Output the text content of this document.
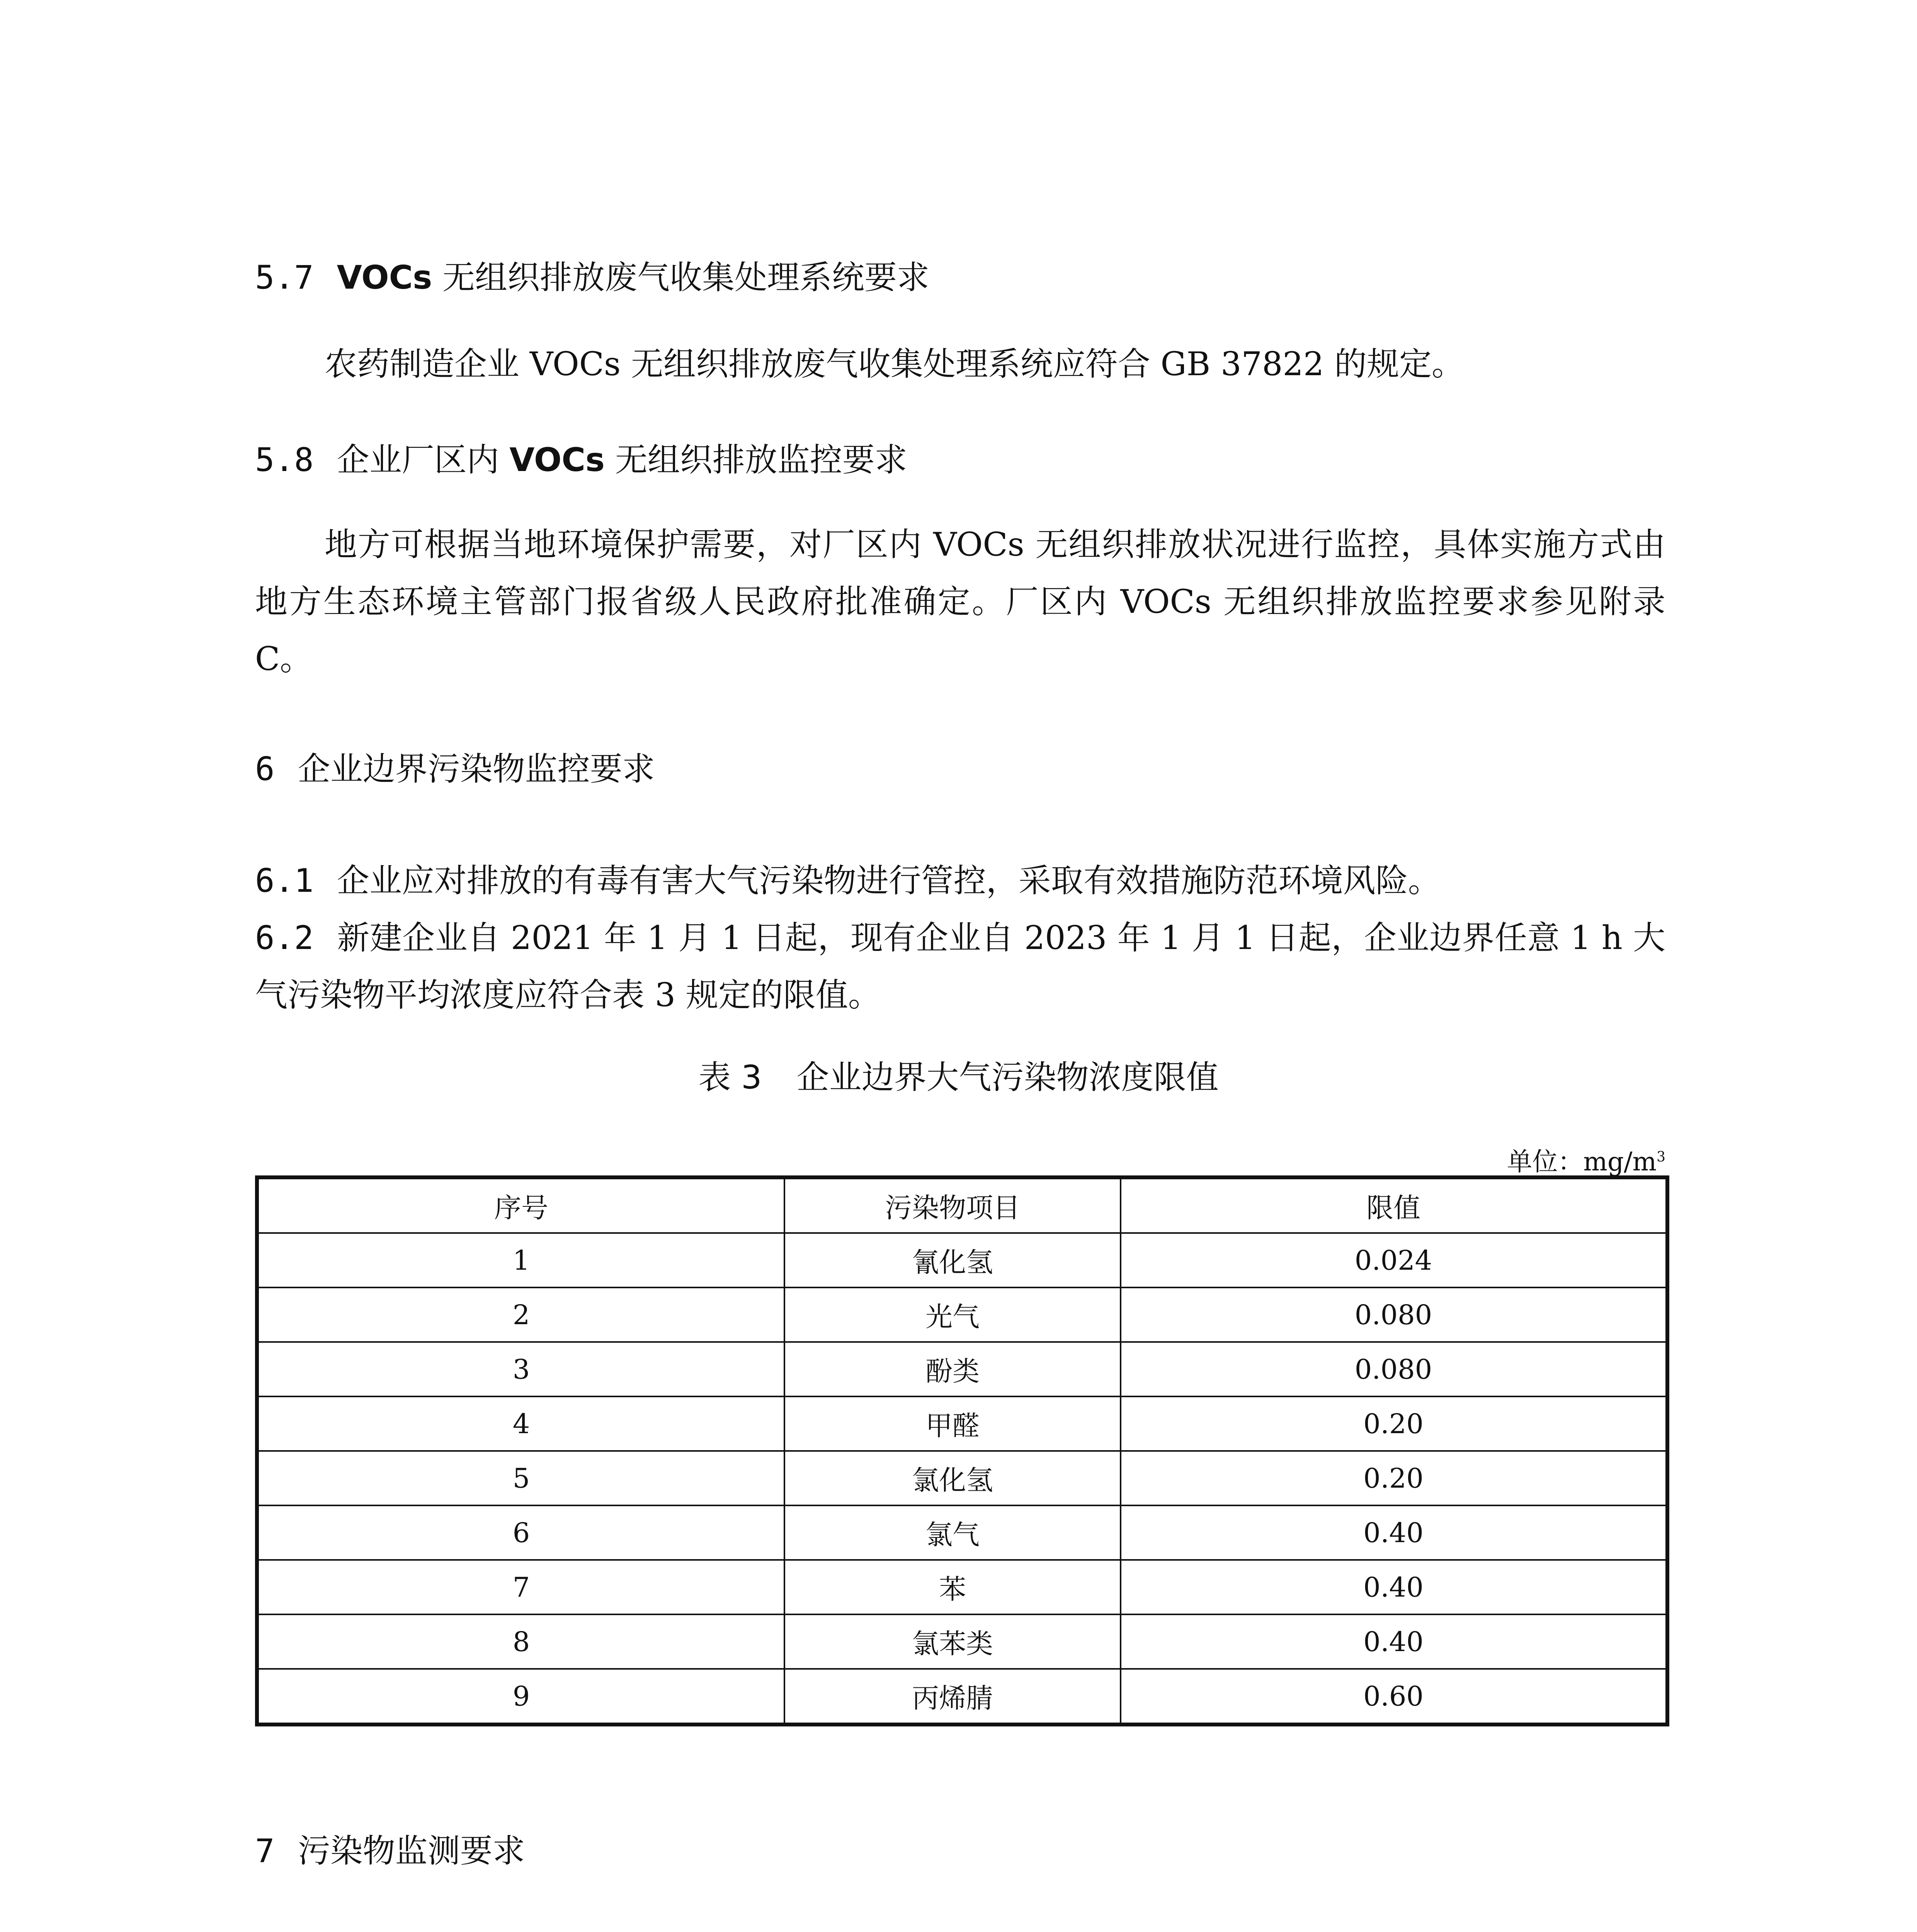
5.7 VOCs 无组织排放废气收集处理系统要求
农药制造企业 VOCs 无组织排放废气收集处理系统应符合 GB 37822 的规定。
5.8 企业厂区内 VOCs 无组织排放监控要求
地方可根据当地环境保护需要，对厂区内 VOCs 无组织排放状况进行监控，具体实施方式由地方生态环境主管部门报省级人民政府批准确定。厂区内 VOCs 无组织排放监控要求参见附录 C。
6 企业边界污染物监控要求
6.1 企业应对排放的有毒有害大气污染物进行管控，采取有效措施防范环境风险。
6.2 新建企业自 2021 年 1 月 1 日起，现有企业自 2023 年 1 月 1 日起，企业边界任意 1 h 大气污染物平均浓度应符合表 3 规定的限值。
表 3 企业边界大气污染物浓度限值
单位：$mg/m^3$
序号	污染物项目	限值
1	氰化氢	0.024
2	光气	0.080
3	酚类	0.080
4	甲醛	0.20
5	氯化氢	0.20
6	氯气	0.40
7	苯	0.40
8	氯苯类	0.40
9	丙烯腈	0.60
7 污染物监测要求
